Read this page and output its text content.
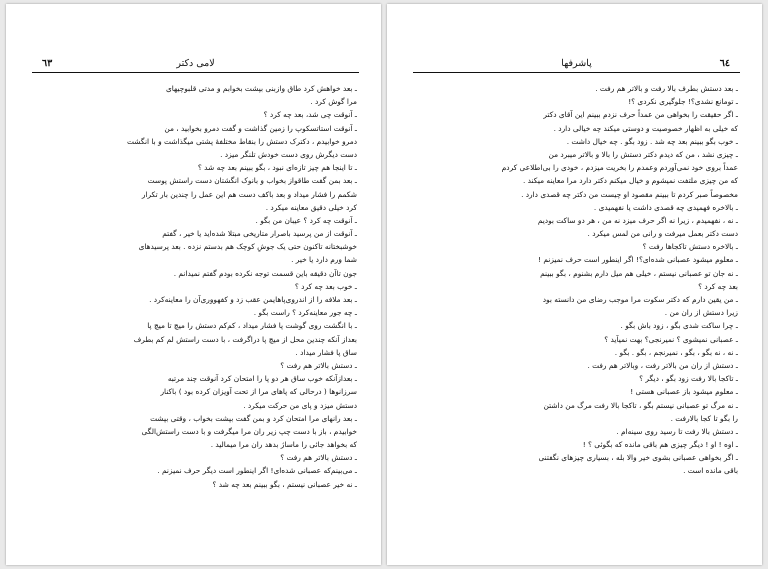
٦٣	لامی دکتر
ـ بعد خواهش کرد طاق وازبنی بپشت بخوابم و مدتی قلبوچیهای
مرا گوش کرد .
ـ آنوقت چی شد، بعد چه کرد ؟
ـ آنوقت استاتسکوپ را زمین گذاشت و گفت دمرو بخوابید ، من
دمرو خوابیدم ، دکترک دستش را بنقاط مختلفهٔ پشتی میگذاشت و با انگشت
دست دیگرش روی دست خودش تلنگر میزد .
ـ تا اینجا هم چیز تازه‌ای نبود ، بگو ببینم بعد چه شد ؟
ـ بعد بمن گفت طاقواز بخواب و بانوک انگشتان دست راستش پوست
شکمم را فشار میداد و بعد باکف دست هم این عمل را چندین بار تکرار
کرد خیلی دقیق معاینه میکرد .
ـ آنوقت چه کرد ؟ عیبان من بگو .
ـ آنوقت از من پرسید باصرار متاریخی مبتلا شده‌اید یا خیر ، گفتم
خوشبختانه تاکنون حتی یک جوشِ کوچک هم بدستم نزده . بعد پرسیدها‌ی
شما ورم دارد یا خیر .
جون تاآن دقیقه باین قسمت توجه نکرده بودم گفتم نمیدانم .
ـ خوب بعد چه کرد ؟
ـ بعد ملافه را از اندروی‌پاهایمن عقب زد و کفهووری‌آن را معاینه‌کرد .
ـ چه جور معاینه‌کرد ؟ راست بگو .
ـ با انگشت روی گوشت پا فشار میداد ، کم‌کم دستش را میچ تا میچ پا
بعداز آنکه چندین محل از میچ پا دراگرفت ، با دست راستش لم کم بطرف
ساق پا فشار میداد .
ـ دستش بالاتر هم رفت ؟
ـ بعدازآنکه خوب ساق هر دو پا را امتحان کرد آنوقت چند مرتبه
سرزانوها ( درحالی که پاهای مرا از تحت آویزان کرده بود ) باکنار
دستش میزد و پای من حرکت میکرد .
ـ بعد رانهای مرا امتحان کرد و بمن گفت بپشت بخواب ، وقتی بپشت
خوابیدم ، باز با دست چپ زیر ران مرا میگرفت و با دست راستش‌الگی
که بخواهد جائی را ماساژ بدهد ران مرا میمالید .
ـ دستش بالاتر هم رفت ؟
ـ می‌بینم‌که عصبانی شده‌ای! اگر اینطور است دیگر حرف نمیزنم .
ـ نه خیر عصبانی نیستم ، بگو ببینم بعد چه شد ؟
٦٤
پاشرفها
ـ بعد دستش بطرف بالا رفت و بالاتر هم رفت .
ـ تومانع نشدی؟! جلوگیری نکردی ؟!
ـ اگر حقیقت را بخواهی من عمداً حرف نزدم ببینم این آقای دکتر
که خیلی به اظهار خصوصیت و دوستی میکند چه خیالی دارد .
ـ خوب بگو ببینم بعد چه شد . زود بگو . چه خیال داشت .
ـ چیزی نشد ، من که دیدم دکتر دستش را بالا و بالاتر میبرد من
عمداً بروی خود نمی‌آوردم وعمدم را بخریت میزدم ، خودی را بی‌اطلاعی کردم
که من چیزی ملتفت نمیشوم و خیال میکنم دکتر دارد مرا معاینه میکند .
مخصوصاً صبر کردم تا ببینم مقصود او چیست من دکتر چه قصدی دارد .
ـ بالاخره فهمیدی چه قصدی داشت یا نفهمیدی .
ـ نه ، نفهمیدم ، زیرا نه اگر حرف میزد نه من ، هر دو ساکت بودیم
دست دکتر بعمل میرفت و رانی من لمس میکرد .
ـ بالاخره دستش تاکجاها رفت ؟
ـ معلوم میشود عصبانی شده‌ای؟! اگر اینطور است حرف نمیزنم !
ـ نه جان تو عصبانی نیستم ، خیلی هم میل دارم بشنوم ، بگو ببینم
بعد چه کرد ؟
ـ من یقین دارم که دکتر سکوت مرا موجب رضای من دانسته بود
زیرا دستش از ران من .
ـ چرا ساکت شدی بگو ، زود باش بگو .
ـ عصبانی نمیشوی ؟ نمیرنجی؟ بهت نمیآید ؟
ـ نه ، نه بگو ، بگو ، نمیرنجم ، بگو . بگو .
ـ دستش از ران من بالاتر رفت ، وبالاتر هم رفت .
ـ تاکجا بالا رفت زود بگو ، دیگر ؟
ـ معلوم میشود باز عصبانی هستی !
ـ نه مرگ تو عصبانی نیستم بگو ، تاکجا بالا رفت مرگ من داشتن
را بگو تا کجا بالارفت .
ـ دستش بالا رفت تا رسید روی سینه‌ام .
ـ اوه ! او ! دیگر چیزی هم باقی مانده که بگوئی ؟ !
ـ اگر بخواهی عصبانی بشوی خیر والا بله ، بسیاری چیزهای نگفتنی
باقی مانده است .
